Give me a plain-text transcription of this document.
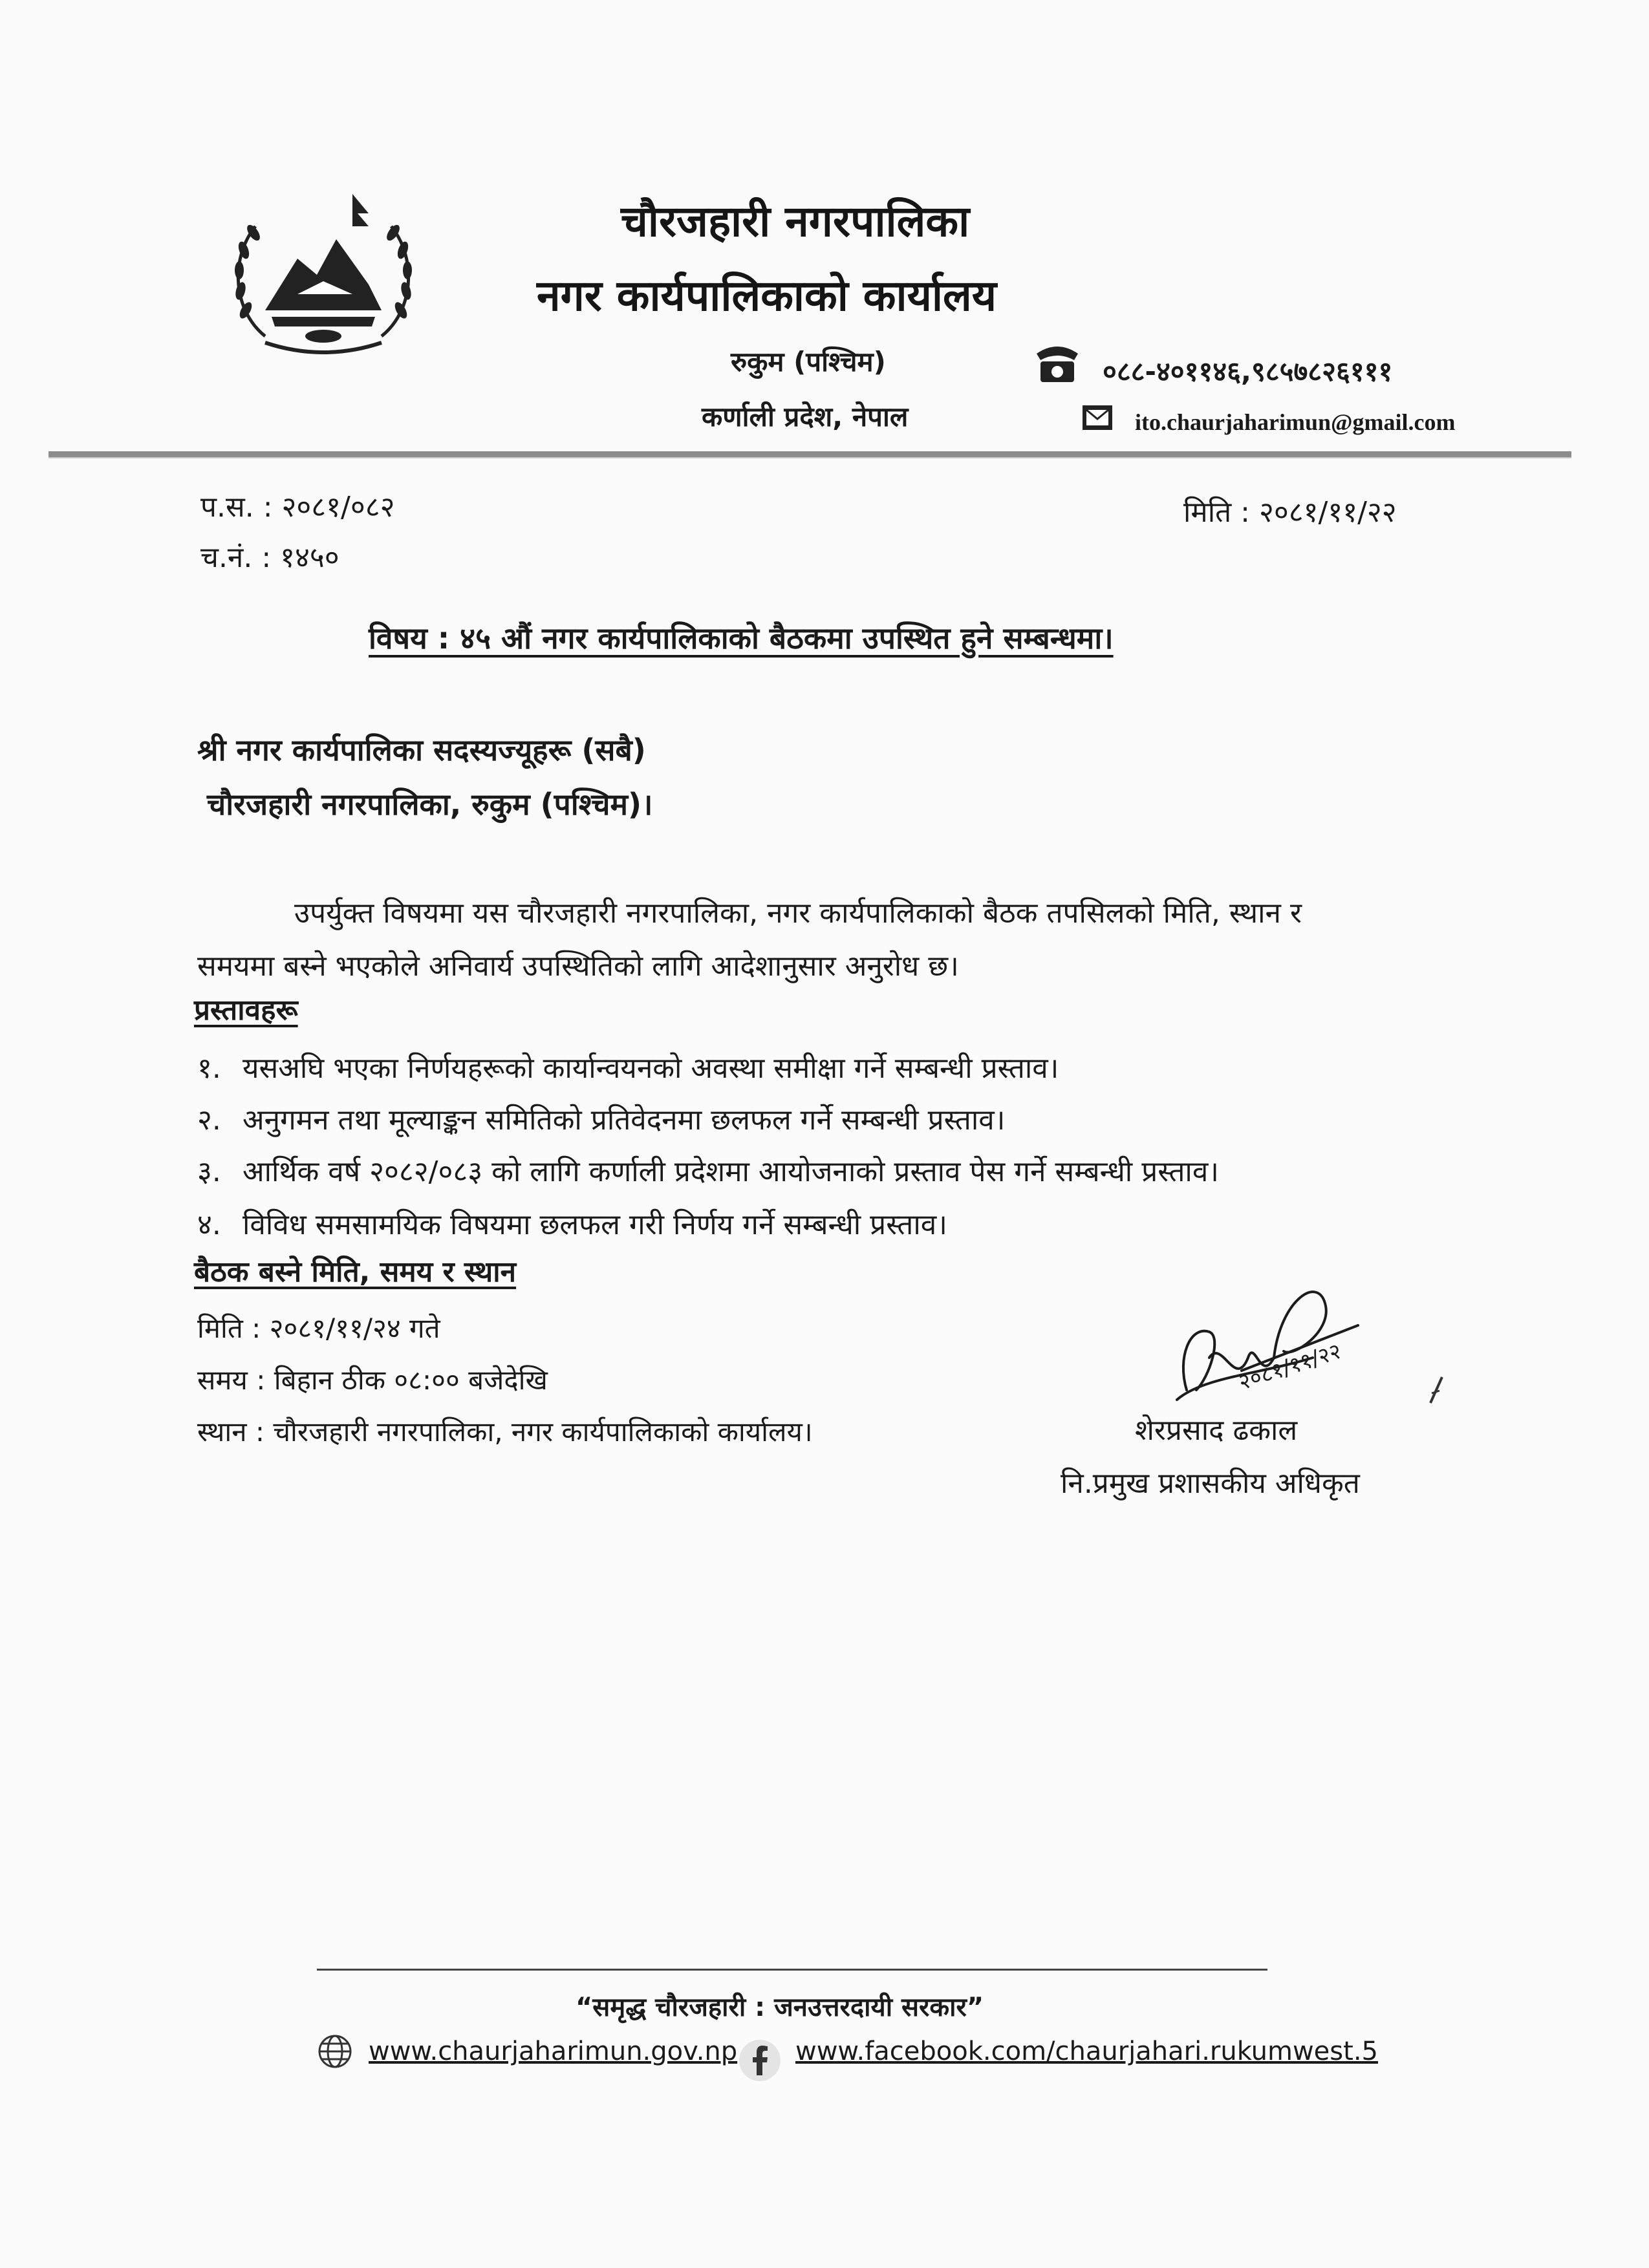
चौरजहारी नगरपालिका
नगर कार्यपालिकाको कार्यालय
रुकुम (पश्चिम)
कर्णाली प्रदेश, नेपाल
०८८-४०११४६,९८५७८२६१११
ito.chaurjaharimun@gmail.com
प.स. : २०८१/०८२
च.नं. : १४५०
मिति : २०८१/११/२२
विषय : ४५ औं नगर कार्यपालिकाको बैठकमा उपस्थित हुने सम्बन्धमा।
श्री नगर कार्यपालिका सदस्यज्यूहरू (सबै)
चौरजहारी नगरपालिका, रुकुम (पश्चिम)।
उपर्युक्त विषयमा यस चौरजहारी नगरपालिका, नगर कार्यपालिकाको बैठक तपसिलको मिति, स्थान र
समयमा बस्ने भएकोले अनिवार्य उपस्थितिको लागि आदेशानुसार अनुरोध छ।
प्रस्तावहरू
१. यसअघि भएका निर्णयहरूको कार्यान्वयनको अवस्था समीक्षा गर्ने सम्बन्धी प्रस्ताव।
२. अनुगमन तथा मूल्याङ्कन समितिको प्रतिवेदनमा छलफल गर्ने सम्बन्धी प्रस्ताव।
३. आर्थिक वर्ष २०८२/०८३ को लागि कर्णाली प्रदेशमा आयोजनाको प्रस्ताव पेस गर्ने सम्बन्धी प्रस्ताव।
४. विविध समसामयिक विषयमा छलफल गरी निर्णय गर्ने सम्बन्धी प्रस्ताव।
बैठक बस्ने मिति, समय र स्थान
मिति : २०८१/११/२४ गते
समय : बिहान ठीक ०८:०० बजेदेखि
स्थान : चौरजहारी नगरपालिका, नगर कार्यपालिकाको कार्यालय।
२०८१/११/२२
शेरप्रसाद ढकाल
नि.प्रमुख प्रशासकीय अधिकृत
“समृद्ध चौरजहारी : जनउत्तरदायी सरकार”
www.chaurjaharimun.gov.np www.facebook.com/chaurjahari.rukumwest.5
